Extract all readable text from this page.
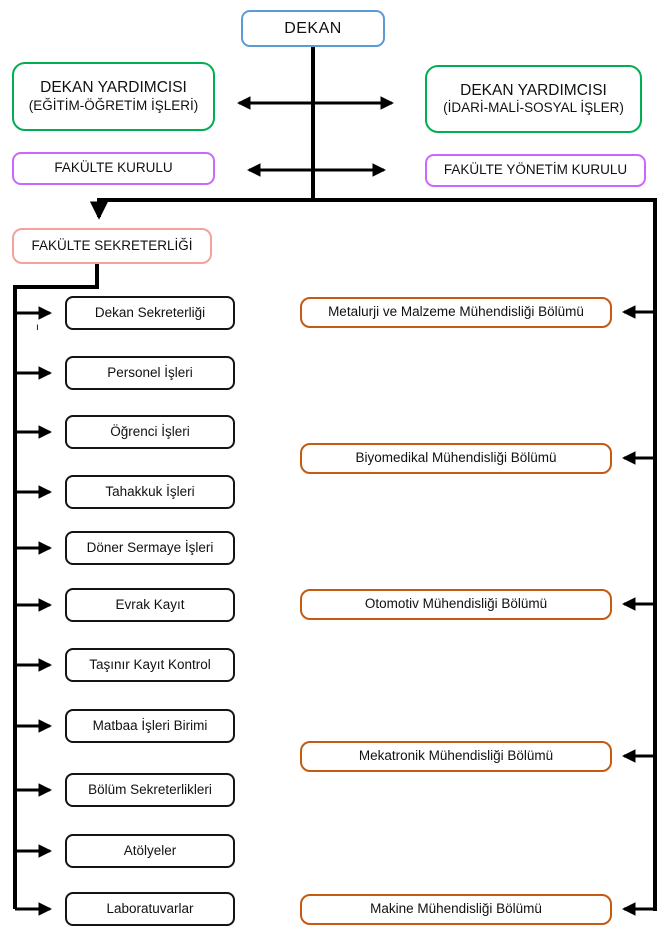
DEKAN
DEKAN YARDIMCISI
(EĞİTİM-ÖĞRETİM İŞLERİ)
DEKAN YARDIMCISI
(İDARİ-MALİ-SOSYAL İŞLER)
FAKÜLTE KURULU	FAKÜLTE YÖNETİM KURULU
FAKÜLTE SEKRETERLİĞİ
ı
Dekan Sekreterliği
Personel İşleri
Öğrenci İşleri
Tahakkuk İşleri
Döner Sermaye İşleri
Evrak Kayıt
Taşınır Kayıt Kontrol
Matbaa İşleri Birimi
Bölüm Sekreterlikleri
Atölyeler
Laboratuvarlar
Metalurji ve Malzeme Mühendisliği Bölümü
Biyomedikal Mühendisliği Bölümü
Otomotiv Mühendisliği Bölümü
Mekatronik Mühendisliği Bölümü
Makine Mühendisliği Bölümü
